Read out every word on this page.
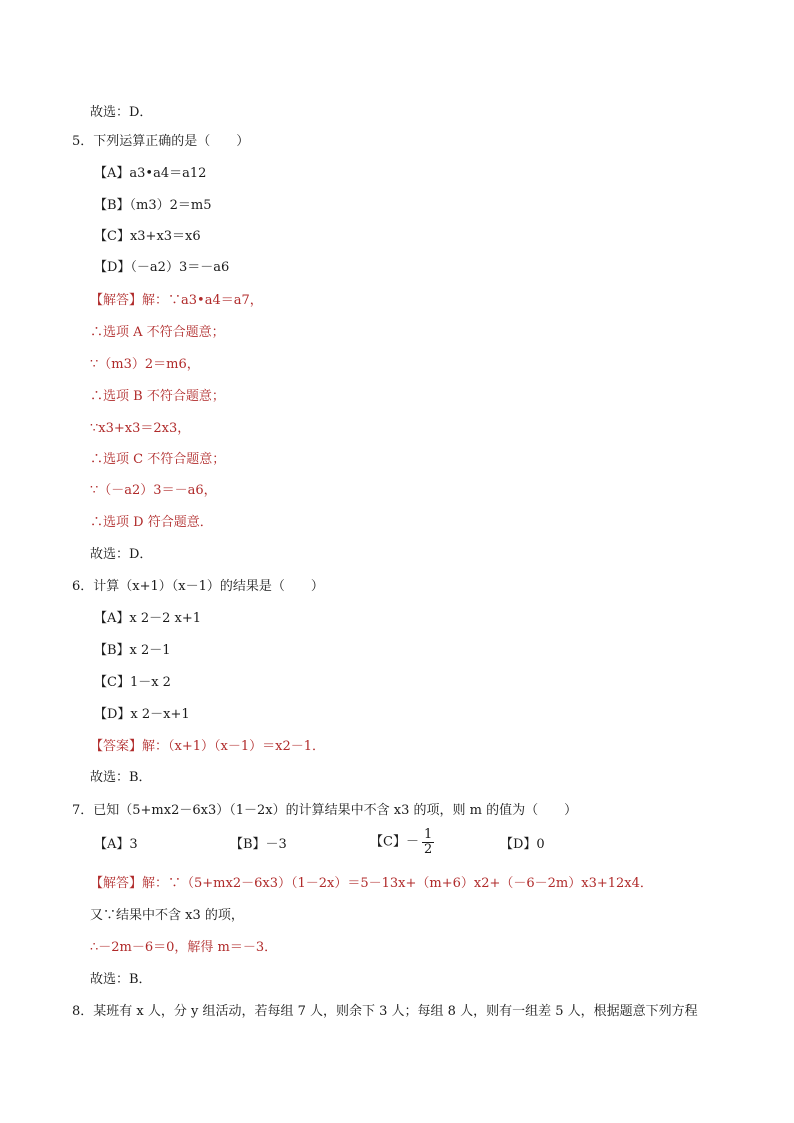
故选：D．
5．下列运算正确的是（　　）
【A】a3•a4＝a12
【B】（m3）2＝m5
【C】x3+x3＝x6
【D】（－a2）3＝－a6
【解答】解：∵a3•a4＝a7，
∴选项 A 不符合题意；
∵（m3）2＝m6，
∴选项 B 不符合题意；
∵x3+x3＝2x3，
∴选项 C 不符合题意；
∵（－a2）3＝－a6，
∴选项 D 符合题意．
故选：D．
6．计算（x+1）（x－1）的结果是（　　）
【A】x 2－2 x+1
【B】x 2－1
【C】1－x 2
【D】x 2－x+1
【答案】解：（x+1）（x－1）＝x2－1．
故选：B．
7．已知（5+mx2－6x3）（1－2x）的计算结果中不含 x3 的项，则 m 的值为（　　）
【A】3	【B】－3	【C】－ $\frac{1}{2}$	【D】0
【解答】解：∵（5+mx2－6x3）（1－2x）＝5－13x+（m+6）x2+（－6－2m）x3+12x4．
又∵结果中不含 x3 的项，
∴－2m－6＝0，解得 m＝－3．
故选：B．
8．某班有 x 人，分 y 组活动，若每组 7 人，则余下 3 人；每组 8 人，则有一组差 5 人，根据题意下列方程
